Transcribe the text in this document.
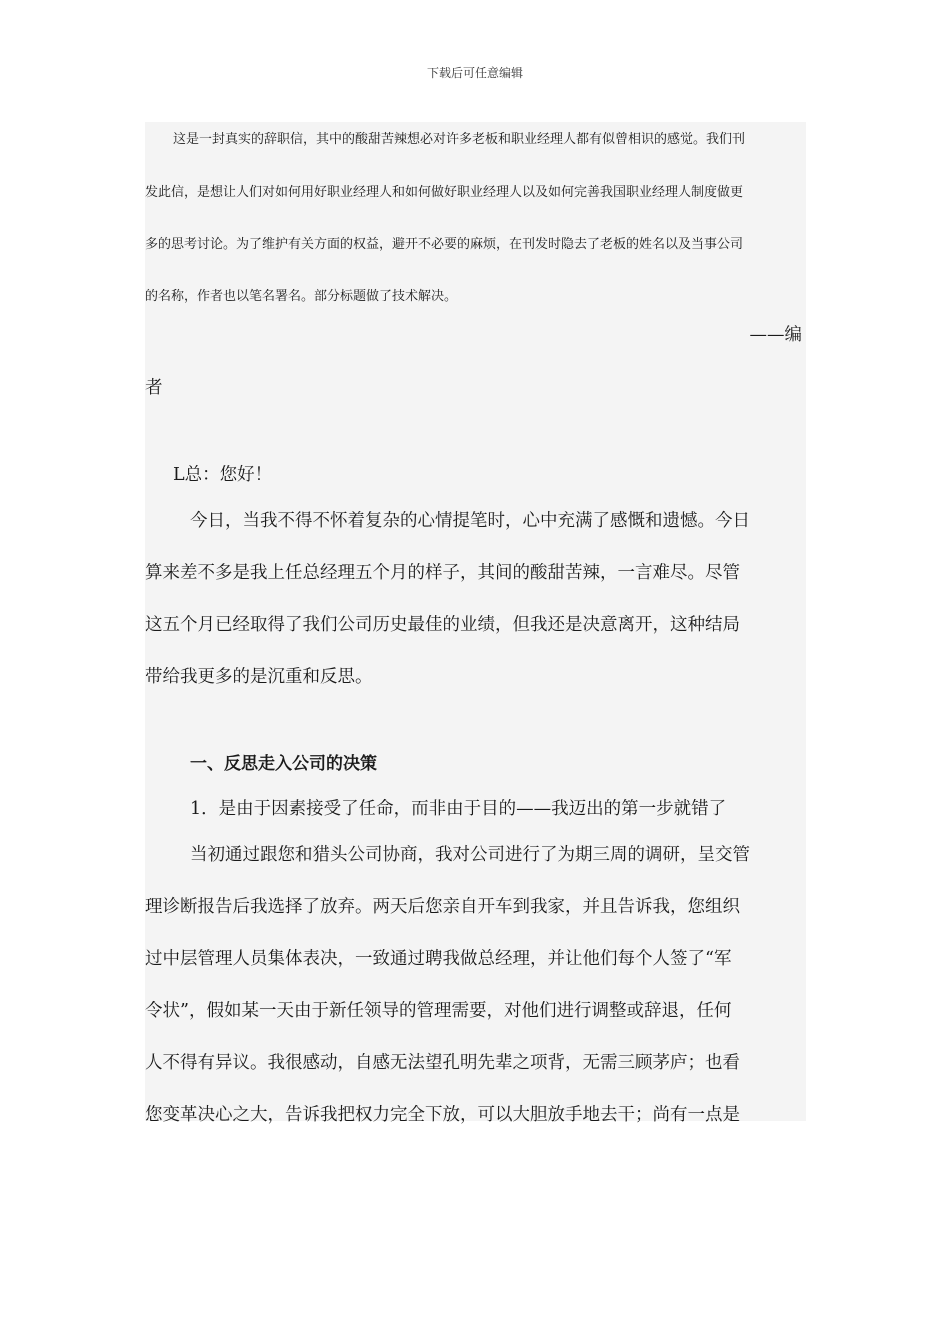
下载后可任意编辑
这是一封真实的辞职信，其中的酸甜苦辣想必对许多老板和职业经理人都有似曾相识的感觉。我们刊
发此信，是想让人们对如何用好职业经理人和如何做好职业经理人以及如何完善我国职业经理人制度做更
多的思考讨论。为了维护有关方面的权益，避开不必要的麻烦，在刊发时隐去了老板的姓名以及当事公司
的名称，作者也以笔名署名。部分标题做了技术解决。
——编
者
L总：您好！
今日，当我不得不怀着复杂的心情提笔时，心中充满了感慨和遗憾。今日
算来差不多是我上任总经理五个月的样子，其间的酸甜苦辣，一言难尽。尽管
这五个月已经取得了我们公司历史最佳的业绩，但我还是决意离开，这种结局
带给我更多的是沉重和反思。
一、反思走入公司的决策
1．是由于因素接受了任命，而非由于目的——我迈出的第一步就错了
当初通过跟您和猎头公司协商，我对公司进行了为期三周的调研，呈交管
理诊断报告后我选择了放弃。两天后您亲自开车到我家，并且告诉我，您组织
过中层管理人员集体表决，一致通过聘我做总经理，并让他们每个人签了“军
令状”，假如某一天由于新任领导的管理需要，对他们进行调整或辞退，任何
人不得有异议。我很感动，自感无法望孔明先辈之项背，无需三顾茅庐；也看
您变革决心之大，告诉我把权力完全下放，可以大胆放手地去干；尚有一点是
